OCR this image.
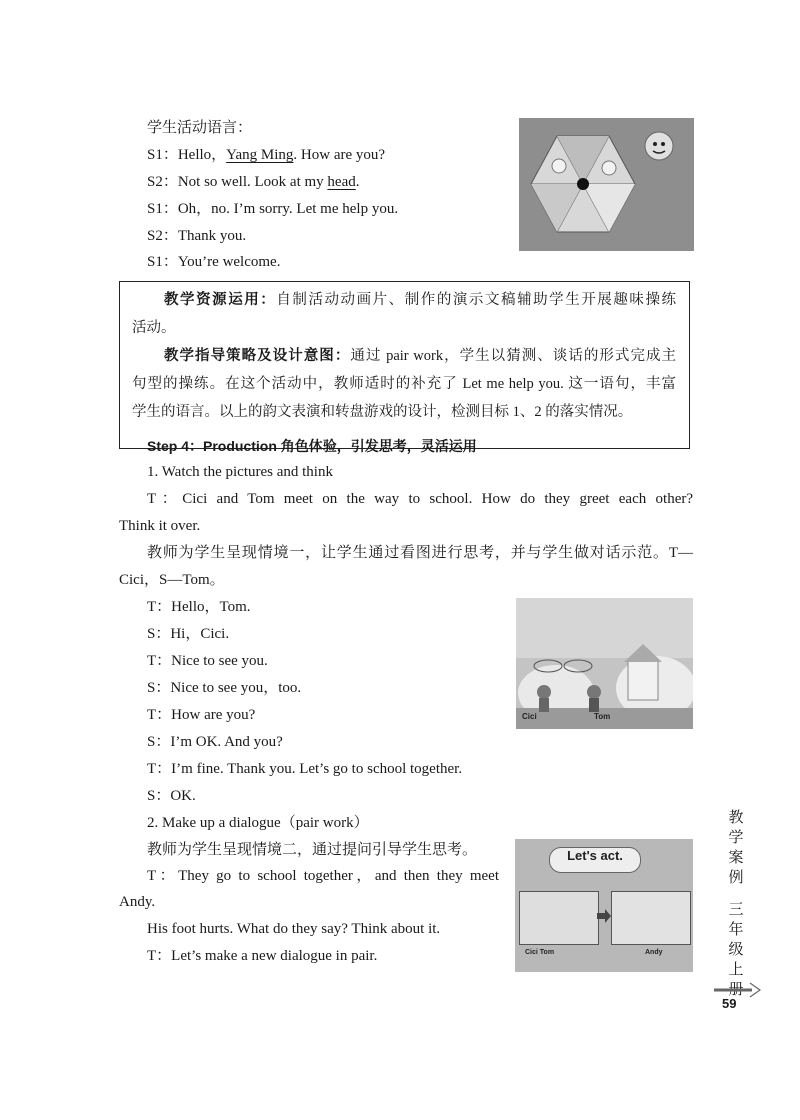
学生活动语言：
S1：Hello，Yang Ming. How are you?
S2：Not so well. Look at my head.
S1：Oh，no. I’m sorry. Let me help you.
S2：Thank you.
S1：You’re welcome.
教学资源运用：自制活动动画片、制作的演示文稿辅助学生开展趣味操练
活动。
教学指导策略及设计意图：通过 pair work，学生以猜测、谈话的形式完成主
句型的操练。在这个活动中，教师适时的补充了 Let me help you. 这一语句，丰富
学生的语言。以上的韵文表演和转盘游戏的设计，检测目标 1、2 的落实情况。
Step 4：Production 角色体验，引发思考，灵活运用
1. Watch the pictures and think
T：Cici and Tom meet on the way to school. How do they greet each other?
Think it over.
教师为学生呈现情境一，让学生通过看图进行思考，并与学生做对话示范。T—
Cici，S—Tom。
T：Hello，Tom.
S：Hi，Cici.
T：Nice to see you.
S：Nice to see you，too.
T：How are you?
S：I’m OK. And you?
T：I’m fine. Thank you. Let’s go to school together.
S：OK.
2. Make up a dialogue（pair work）
教师为学生呈现情境二，通过提问引导学生思考。
T：They go to school together，and then they meet
Andy.
His foot hurts. What do they say? Think about it.
T：Let’s make a new dialogue in pair.
Cici	Tom
Let's act.
Cici Tom	Andy
教
学
案
例
三
年
级
上
册
59
